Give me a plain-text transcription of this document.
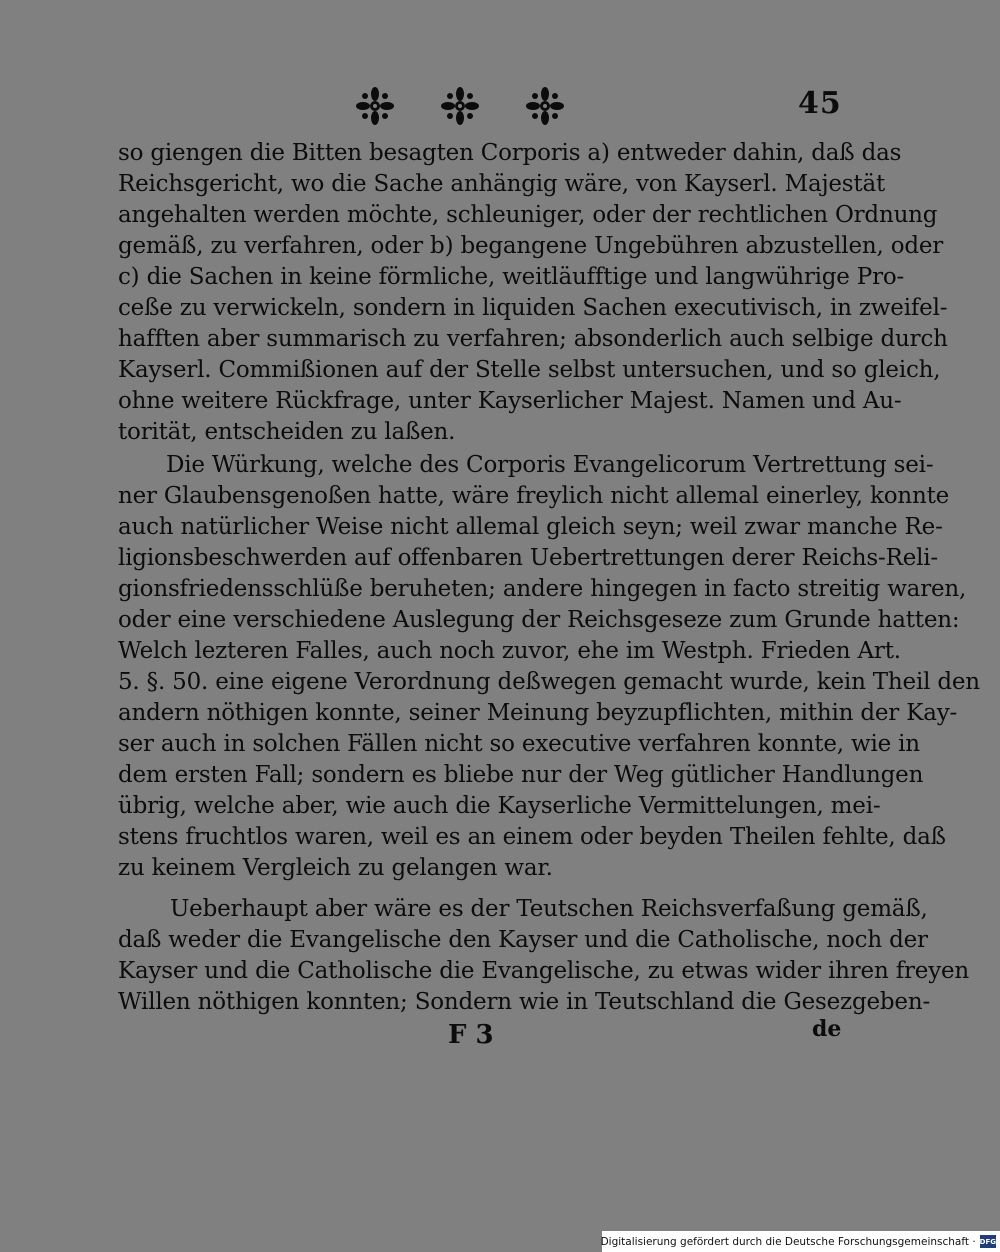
45
so giengen die Bitten besagten Corporis a) entweder dahin, daß das
Reichsgericht, wo die Sache anhängig wäre, von Kayserl. Majestät
angehalten werden möchte, schleuniger, oder der rechtlichen Ordnung
gemäß, zu verfahren, oder b) begangene Ungebühren abzustellen, oder
c) die Sachen in keine förmliche, weitläufftige und langwührige Pro-
ceße zu verwickeln, sondern in liquiden Sachen executivisch, in zweifel-
hafften aber summarisch zu verfahren; absonderlich auch selbige durch
Kayserl. Commißionen auf der Stelle selbst untersuchen, und so gleich,
ohne weitere Rückfrage, unter Kayserlicher Majest. Namen und Au-
torität, entscheiden zu laßen.
Die Würkung, welche des Corporis Evangelicorum Vertrettung sei-
ner Glaubensgenoßen hatte, wäre freylich nicht allemal einerley, konnte
auch natürlicher Weise nicht allemal gleich seyn; weil zwar manche Re-
ligionsbeschwerden auf offenbaren Uebertrettungen derer Reichs-Reli-
gionsfriedensschlüße beruheten; andere hingegen in facto streitig waren,
oder eine verschiedene Auslegung der Reichsgeseze zum Grunde hatten:
Welch lezteren Falles, auch noch zuvor, ehe im Westph. Frieden Art.
5. §. 50. eine eigene Verordnung deßwegen gemacht wurde, kein Theil den
andern nöthigen konnte, seiner Meinung beyzupflichten, mithin der Kay-
ser auch in solchen Fällen nicht so executive verfahren konnte, wie in
dem ersten Fall; sondern es bliebe nur der Weg gütlicher Handlungen
übrig, welche aber, wie auch die Kayserliche Vermittelungen, mei-
stens fruchtlos waren, weil es an einem oder beyden Theilen fehlte, daß
zu keinem Vergleich zu gelangen war.
Ueberhaupt aber wäre es der Teutschen Reichsverfaßung gemäß,
daß weder die Evangelische den Kayser und die Catholische, noch der
Kayser und die Catholische die Evangelische, zu etwas wider ihren freyen
Willen nöthigen konnten; Sondern wie in Teutschland die Gesezgeben-
F 3	de
Digitalisierung gefördert durch die Deutsche Forschungsgemeinschaft · DFG
